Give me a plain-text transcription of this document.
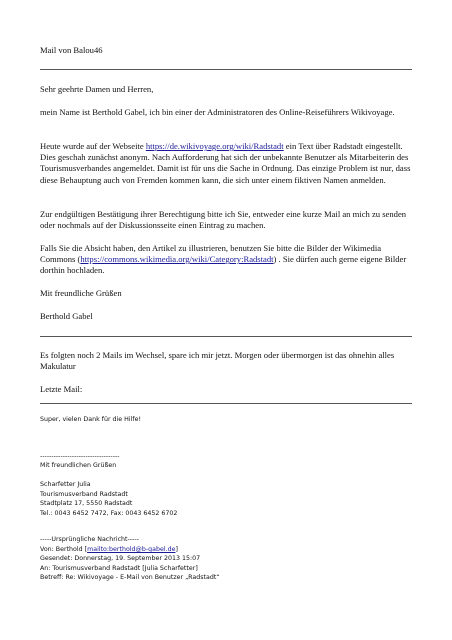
Mail von Balou46

Sehr geehrte Damen und Herren,

mein Name ist Berthold Gabel, ich bin einer der Administratoren des Online-Reiseführers Wikivoyage.

Heute wurde auf der Webseite https://de.wikivoyage.org/wiki/Radstadt ein Text über Radstadt eingestellt. Dies geschah zunächst anonym. Nach Aufforderung hat sich der unbekannte Benutzer als Mitarbeiterin des Tourismusverbandes angemeldet. Damit ist für uns die Sache in Ordnung. Das einzige Problem ist nur, dass diese Behauptung auch von Fremden kommen kann, die sich unter einem fiktiven Namen anmelden.

Zur endgültigen Bestätigung ihrer Berechtigung bitte ich Sie, entweder eine kurze Mail an mich zu senden oder nochmals auf der Diskussionsseite einen Eintrag zu machen.

Falls Sie die Absicht haben, den Artikel zu illustrieren, benutzen Sie bitte die Bilder der Wikimedia Commons (https://commons.wikimedia.org/wiki/Category:Radstadt) . Sie dürfen auch gerne eigene Bilder dorthin hochladen.

Mit freundliche Grüßen

Berthold Gabel

Es folgten noch 2 Mails im Wechsel, spare ich mir jetzt. Morgen oder übermorgen ist das ohnehin alles Makulatur

Letzte Mail:

Super, vielen Dank für die Hilfe!

-----------------------------------

Mit freundlichen Grüßen

Scharfetter Julia

Tourismusverband Radstadt

Stadtplatz 17, 5550 Radstadt

Tel.: 0043 6452 7472, Fax: 0043 6452 6702

-----Ursprüngliche Nachricht-----

Von: Berthold [mailto:berthold@b-gabel.de]

Gesendet: Donnerstag, 19. September 2013 15:07

An: Tourismusverband Radstadt [Julia Scharfetter]

Betreff: Re: Wikivoyage - E-Mail von Benutzer „Radstadt“
